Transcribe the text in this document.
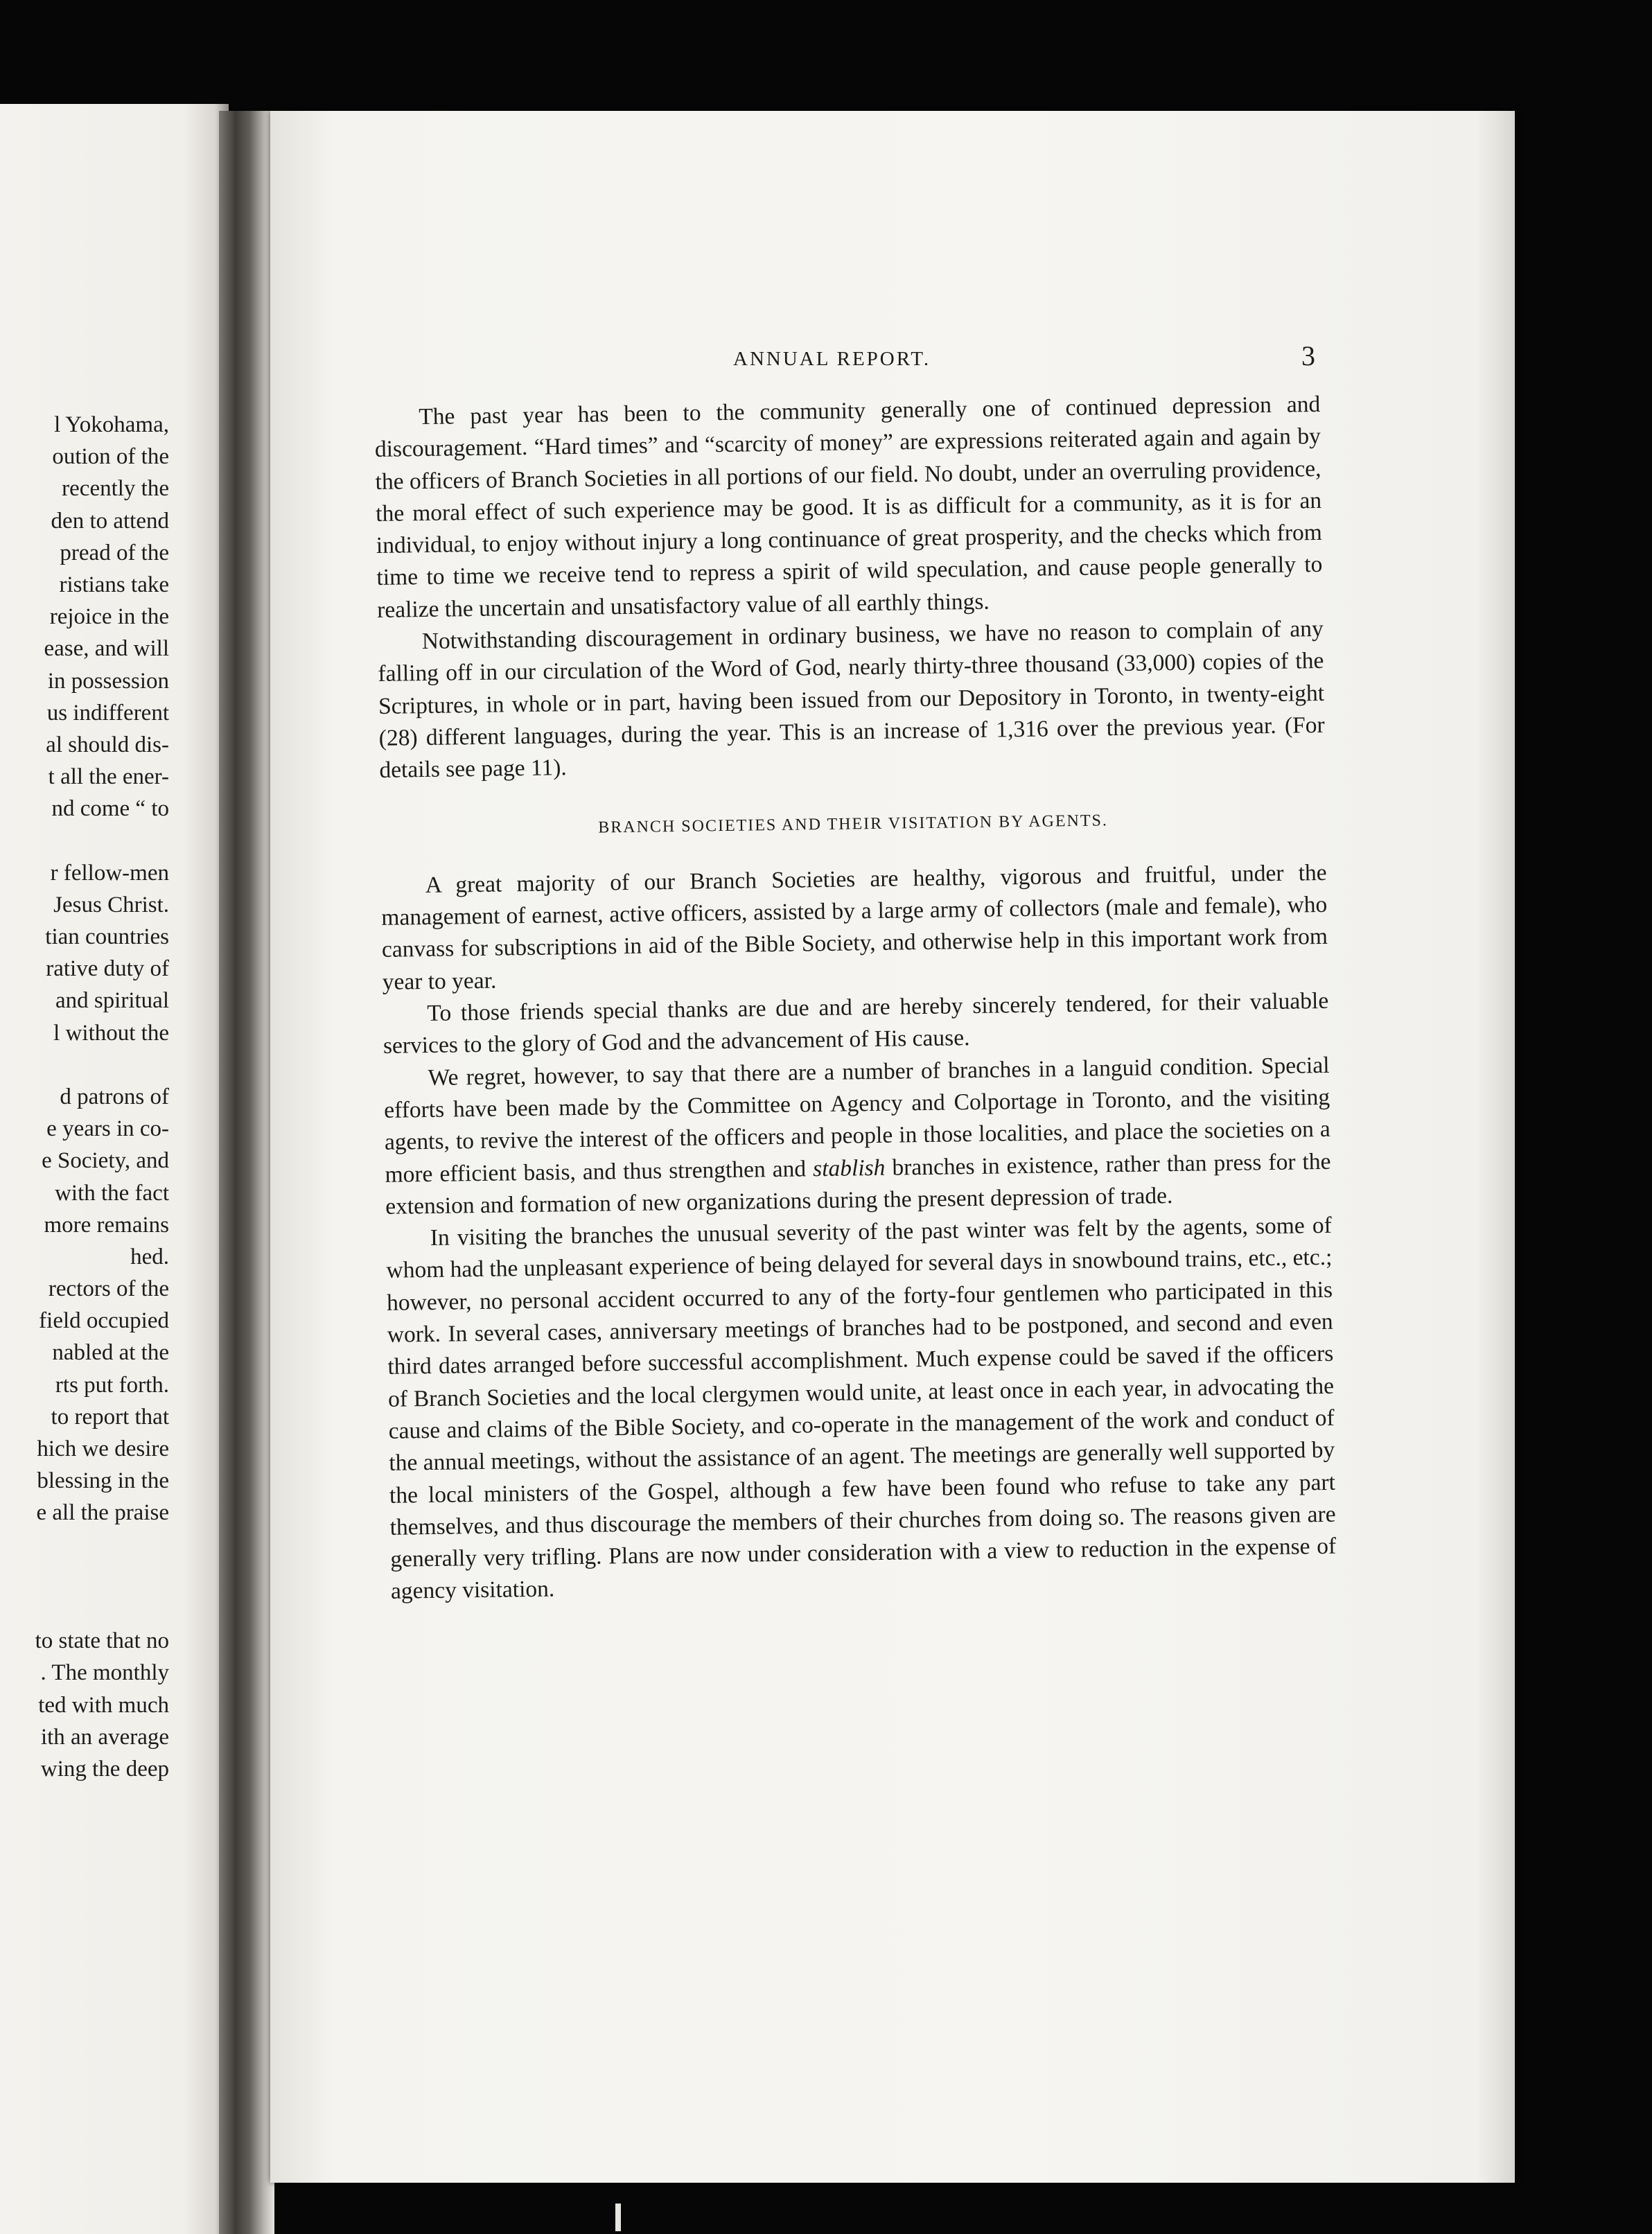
l Yokohama,
oution of the
recently the
den to attend
pread of the
ristians take
rejoice in the
ease, and will
in possession
us indifferent
al should dis-
t all the ener-
nd come “ to
r fellow-men
Jesus Christ.
tian countries
rative duty of
and spiritual
l without the
d patrons of
e years in co-
e Society, and
with the fact
more remains
hed.
rectors of the
field occupied
nabled at the
rts put forth.
to report that
hich we desire
blessing in the
e all the praise
to state that no
. The monthly
ted with much
ith an average
wing the deep
ANNUAL REPORT.	3

The past year has been to the community generally one of continued depression and discouragement. “Hard times” and “scarcity of money” are expressions reiterated again and again by the officers of Branch Societies in all portions of our field. No doubt, under an overruling providence, the moral effect of such experience may be good. It is as difficult for a community, as it is for an individual, to enjoy without injury a long continuance of great prosperity, and the checks which from time to time we receive tend to repress a spirit of wild speculation, and cause people generally to realize the uncertain and unsatisfactory value of all earthly things.

Notwithstanding discouragement in ordinary business, we have no reason to complain of any falling off in our circulation of the Word of God, nearly thirty-three thousand (33,000) copies of the Scriptures, in whole or in part, having been issued from our Depository in Toronto, in twenty-eight (28) different languages, during the year. This is an increase of 1,316 over the previous year. (For details see page 11).

BRANCH SOCIETIES AND THEIR VISITATION BY AGENTS.

A great majority of our Branch Societies are healthy, vigorous and fruitful, under the management of earnest, active officers, assisted by a large army of collectors (male and female), who canvass for subscriptions in aid of the Bible Society, and otherwise help in this important work from year to year.

To those friends special thanks are due and are hereby sincerely tendered, for their valuable services to the glory of God and the advancement of His cause.

We regret, however, to say that there are a number of branches in a languid condition. Special efforts have been made by the Committee on Agency and Colportage in Toronto, and the visiting agents, to revive the interest of the officers and people in those localities, and place the societies on a more efficient basis, and thus strengthen and stablish branches in existence, rather than press for the extension and formation of new organizations during the present depression of trade.

In visiting the branches the unusual severity of the past winter was felt by the agents, some of whom had the unpleasant experience of being delayed for several days in snowbound trains, etc., etc.; however, no personal accident occurred to any of the forty-four gentlemen who participated in this work. In several cases, anniversary meetings of branches had to be postponed, and second and even third dates arranged before successful accomplishment. Much expense could be saved if the officers of Branch Societies and the local clergymen would unite, at least once in each year, in advocating the cause and claims of the Bible Society, and co-operate in the management of the work and conduct of the annual meetings, without the assistance of an agent. The meetings are generally well supported by the local ministers of the Gospel, although a few have been found who refuse to take any part themselves, and thus discourage the members of their churches from doing so. The reasons given are generally very trifling. Plans are now under consideration with a view to reduction in the expense of agency visitation.
